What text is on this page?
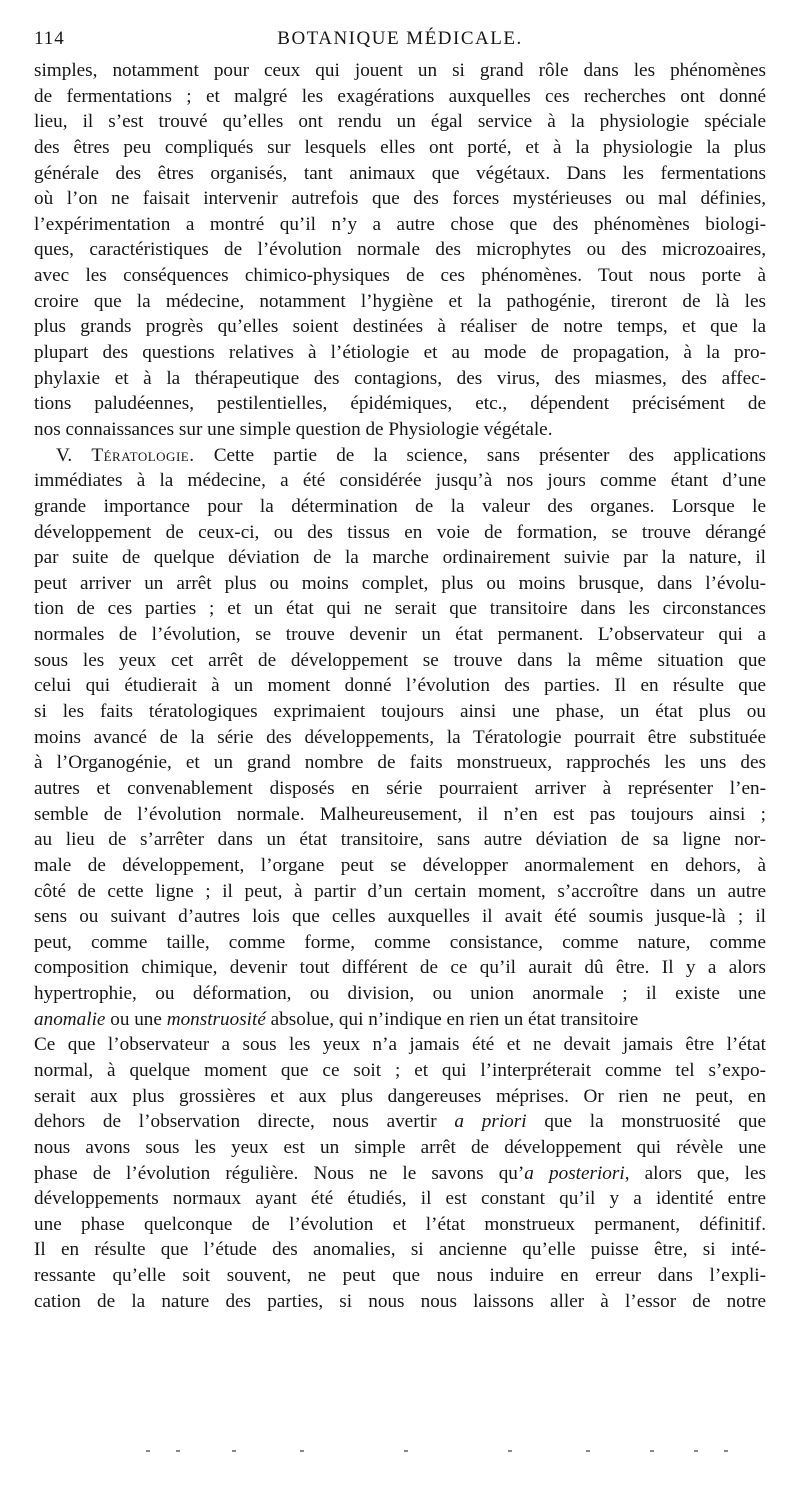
114	BOTANIQUE MÉDICALE.
simples, notamment pour ceux qui jouent un si grand rôle dans les phénomènes
de fermentations ; et malgré les exagérations auxquelles ces recherches ont donné
lieu, il s’est trouvé qu’elles ont rendu un égal service à la physiologie spéciale
des êtres peu compliqués sur lesquels elles ont porté, et à la physiologie la plus
générale des êtres organisés, tant animaux que végétaux. Dans les fermentations
où l’on ne faisait intervenir autrefois que des forces mystérieuses ou mal définies,
l’expérimentation a montré qu’il n’y a autre chose que des phénomènes biologi-
ques, caractéristiques de l’évolution normale des microphytes ou des microzoaires,
avec les conséquences chimico-physiques de ces phénomènes. Tout nous porte à
croire que la médecine, notamment l’hygiène et la pathogénie, tireront de là les
plus grands progrès qu’elles soient destinées à réaliser de notre temps, et que la
plupart des questions relatives à l’étiologie et au mode de propagation, à la pro-
phylaxie et à la thérapeutique des contagions, des virus, des miasmes, des affec-
tions paludéennes, pestilentielles, épidémiques, etc., dépendent précisément de
nos connaissances sur une simple question de Physiologie végétale.
V. Tératologie. Cette partie de la science, sans présenter des applications
immédiates à la médecine, a été considérée jusqu’à nos jours comme étant d’une
grande importance pour la détermination de la valeur des organes. Lorsque le
développement de ceux-ci, ou des tissus en voie de formation, se trouve dérangé
par suite de quelque déviation de la marche ordinairement suivie par la nature, il
peut arriver un arrêt plus ou moins complet, plus ou moins brusque, dans l’évolu-
tion de ces parties ; et un état qui ne serait que transitoire dans les circonstances
normales de l’évolution, se trouve devenir un état permanent. L’observateur qui a
sous les yeux cet arrêt de développement se trouve dans la même situation que
celui qui étudierait à un moment donné l’évolution des parties. Il en résulte que
si les faits tératologiques exprimaient toujours ainsi une phase, un état plus ou
moins avancé de la série des développements, la Tératologie pourrait être substituée
à l’Organogénie, et un grand nombre de faits monstrueux, rapprochés les uns des
autres et convenablement disposés en série pourraient arriver à représenter l’en-
semble de l’évolution normale. Malheureusement, il n’en est pas toujours ainsi ;
au lieu de s’arrêter dans un état transitoire, sans autre déviation de sa ligne nor-
male de développement, l’organe peut se développer anormalement en dehors, à
côté de cette ligne ; il peut, à partir d’un certain moment, s’accroître dans un autre
sens ou suivant d’autres lois que celles auxquelles il avait été soumis jusque-là ; il
peut, comme taille, comme forme, comme consistance, comme nature, comme
composition chimique, devenir tout différent de ce qu’il aurait dû être. Il y a alors
hypertrophie, ou déformation, ou division, ou union anormale ; il existe une
anomalie ou une monstruosité absolue, qui n’indique en rien un état transitoire
Ce que l’observateur a sous les yeux n’a jamais été et ne devait jamais être l’état
normal, à quelque moment que ce soit ; et qui l’interpréterait comme tel s’expo-
serait aux plus grossières et aux plus dangereuses méprises. Or rien ne peut, en
dehors de l’observation directe, nous avertir a priori que la monstruosité que
nous avons sous les yeux est un simple arrêt de développement qui révèle une
phase de l’évolution régulière. Nous ne le savons qu’a posteriori, alors que, les
développements normaux ayant été étudiés, il est constant qu’il y a identité entre
une phase quelconque de l’évolution et l’état monstrueux permanent, définitif.
Il en résulte que l’étude des anomalies, si ancienne qu’elle puisse être, si inté-
ressante qu’elle soit souvent, ne peut que nous induire en erreur dans l’expli-
cation de la nature des parties, si nous nous laissons aller à l’essor de notre
